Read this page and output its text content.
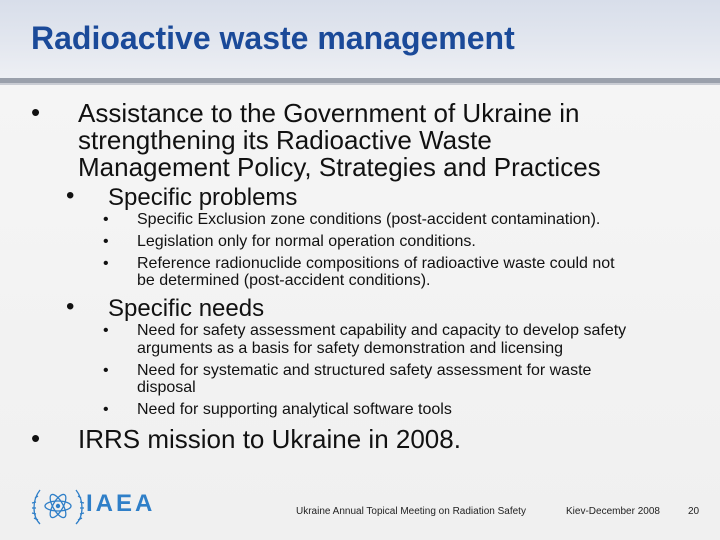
Radioactive waste management
• Assistance to the Government of Ukraine in
strengthening its Radioactive Waste
Management Policy, Strategies and Practices
• Specific problems
• Specific Exclusion zone conditions (post-accident contamination).
• Legislation only for normal operation conditions.
• Reference radionuclide compositions of radioactive waste could not
be determined (post-accident conditions).
• Specific needs
• Need for safety assessment capability and capacity to develop safety
arguments as a basis for safety demonstration and licensing
• Need for systematic and structured safety assessment for waste
disposal
• Need for supporting analytical software tools
• IRRS mission to Ukraine in 2008.
IAEA	Ukraine Annual Topical Meeting on Radiation Safety	Kiev-December 2008	20
